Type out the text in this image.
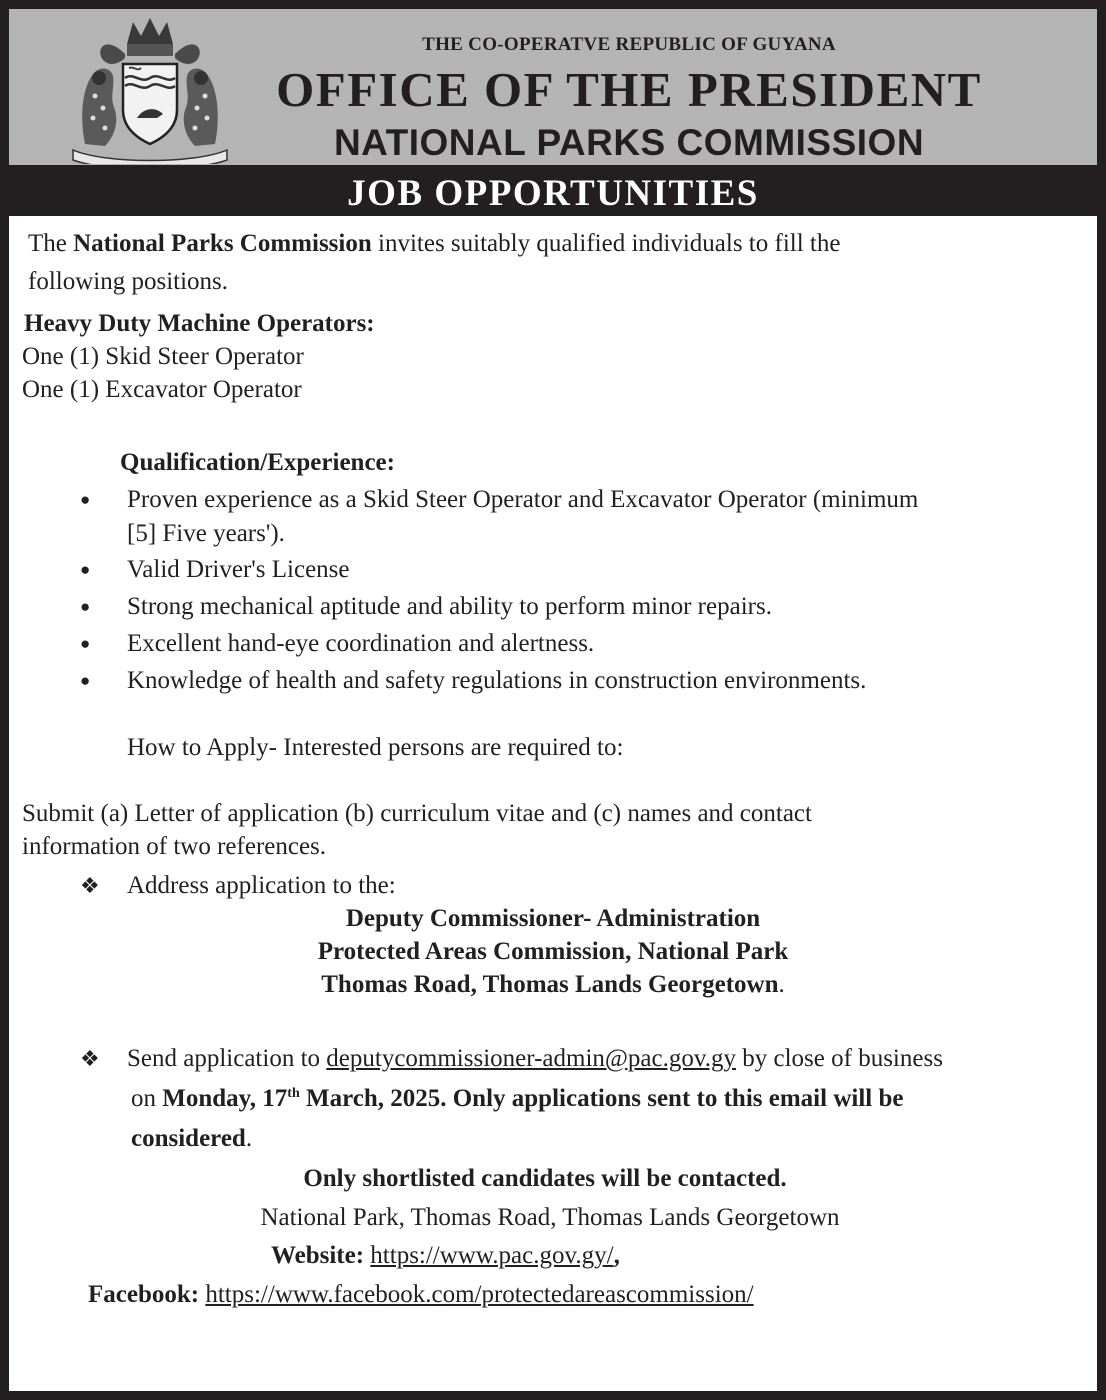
THE CO-OPERATVE REPUBLIC OF GUYANA
OFFICE OF THE PRESIDENT
NATIONAL PARKS COMMISSION
JOB OPPORTUNITIES
The National Parks Commission invites suitably qualified individuals to fill the
following positions.
Heavy Duty Machine Operators:
One (1) Skid Steer Operator
One (1) Excavator Operator
Qualification/Experience:
● Proven experience as a Skid Steer Operator and Excavator Operator (minimum
[5] Five years').
● Valid Driver's License
● Strong mechanical aptitude and ability to perform minor repairs.
● Excellent hand-eye coordination and alertness.
● Knowledge of health and safety regulations in construction environments.
How to Apply- Interested persons are required to:
Submit (a) Letter of application (b) curriculum vitae and (c) names and contact
information of two references.
❖ Address application to the:
Deputy Commissioner- Administration
Protected Areas Commission, National Park
Thomas Road, Thomas Lands Georgetown.
❖ Send application to deputycommissioner-admin@pac.gov.gy by close of business
on Monday, 17th March, 2025. Only applications sent to this email will be
considered.
Only shortlisted candidates will be contacted.
National Park, Thomas Road, Thomas Lands Georgetown
Website: https://www.pac.gov.gy/,
Facebook: https://www.facebook.com/protectedareascommission/
